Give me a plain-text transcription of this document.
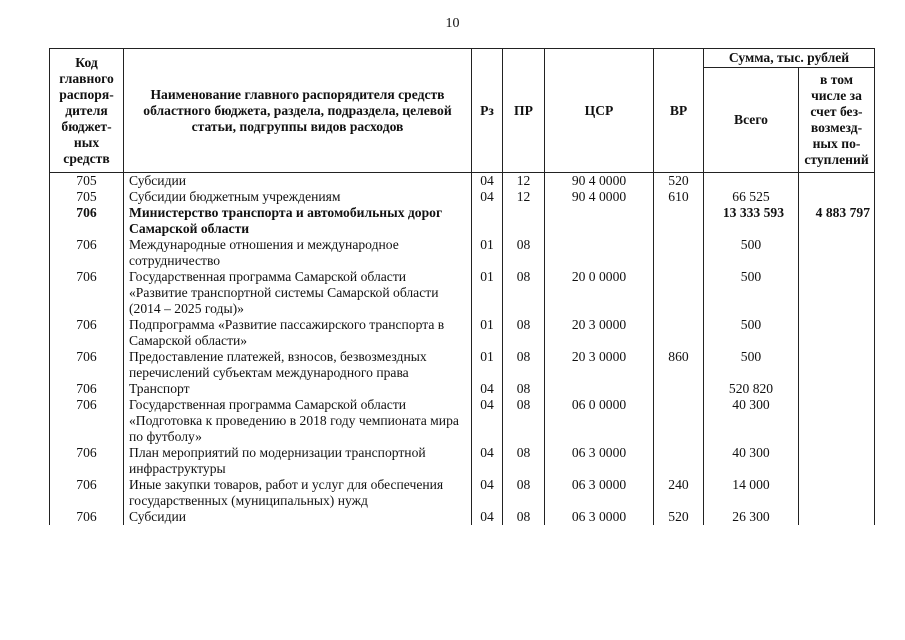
10
Код главного распоря-дителя бюджет-ных средств	Наименование главного распорядителя средств областного бюджета, раздела, подраздела, целевой статьи, подгруппы видов расходов	Рз	ПР	ЦСР	ВР	Сумма, тыс. рублей	
						Всего	в том числе за счет без-возмезд-ных по-ступлений
705	Субсидии	04	12	90 4 0000	520		
705	Субсидии бюджетным учреждениям	04	12	90 4 0000	610	66 525	
706	Министерство транспорта и автомобильных дорог Самарской области					13 333 593	4 883 797
706	Международные отношения и международное сотрудничество	01	08			500	
706	Государственная программа Самарской области «Развитие транспортной системы Самарской области (2014 – 2025 годы)»	01	08	20 0 0000		500	
706	Подпрограмма «Развитие пассажирского транспорта в Самарской области»	01	08	20 3 0000		500	
706	Предоставление платежей, взносов, безвозмездных перечислений субъектам международного права	01	08	20 3 0000	860	500	
706	Транспорт	04	08			520 820	
706	Государственная программа Самарской области «Подготовка к проведению в 2018 году чемпионата мира по футболу»	04	08	06 0 0000		40 300	
706	План мероприятий по модернизации транспортной инфраструктуры	04	08	06 3 0000		40 300	
706	Иные закупки товаров, работ и услуг для обеспечения государственных (муниципальных) нужд	04	08	06 3 0000	240	14 000	
706	Субсидии	04	08	06 3 0000	520	26 300	
